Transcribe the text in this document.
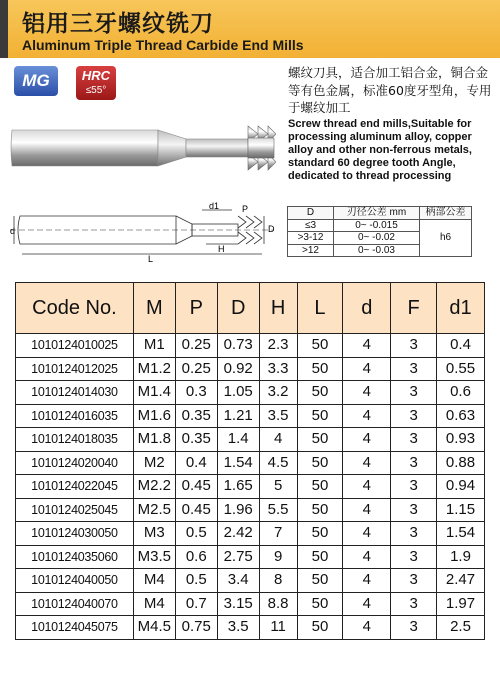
铝用三牙螺纹铣刀
Aluminum Triple Thread Carbide End Mills
MG	HRC
≤55°
螺纹刀具，适合加工铝合金，铜合金等有色金属，标准60度牙型角，专用于螺纹加工
Screw thread end mills,Suitable for processing aluminum alloy, copper alloy and other non-ferrous metals, standard 60 degree tooth Angle, dedicated to thread processing
d
d1	P
D
H
L
D	刃径公差 mm	柄部公差
≤3	0~ -0.015	h6
>3-12	0~ -0.02	
>12	0~ -0.03	
Code No.	M	P	D	H	L	d	F	d1
1010124010025	M1	0.25	0.73	2.3	50	4	3	0.4
1010124012025	M1.2	0.25	0.92	3.3	50	4	3	0.55
1010124014030	M1.4	0.3	1.05	3.2	50	4	3	0.6
1010124016035	M1.6	0.35	1.21	3.5	50	4	3	0.63
1010124018035	M1.8	0.35	1.4	4	50	4	3	0.93
1010124020040	M2	0.4	1.54	4.5	50	4	3	0.88
1010124022045	M2.2	0.45	1.65	5	50	4	3	0.94
1010124025045	M2.5	0.45	1.96	5.5	50	4	3	1.15
1010124030050	M3	0.5	2.42	7	50	4	3	1.54
1010124035060	M3.5	0.6	2.75	9	50	4	3	1.9
1010124040050	M4	0.5	3.4	8	50	4	3	2.47
1010124040070	M4	0.7	3.15	8.8	50	4	3	1.97
1010124045075	M4.5	0.75	3.5	11	50	4	3	2.5
